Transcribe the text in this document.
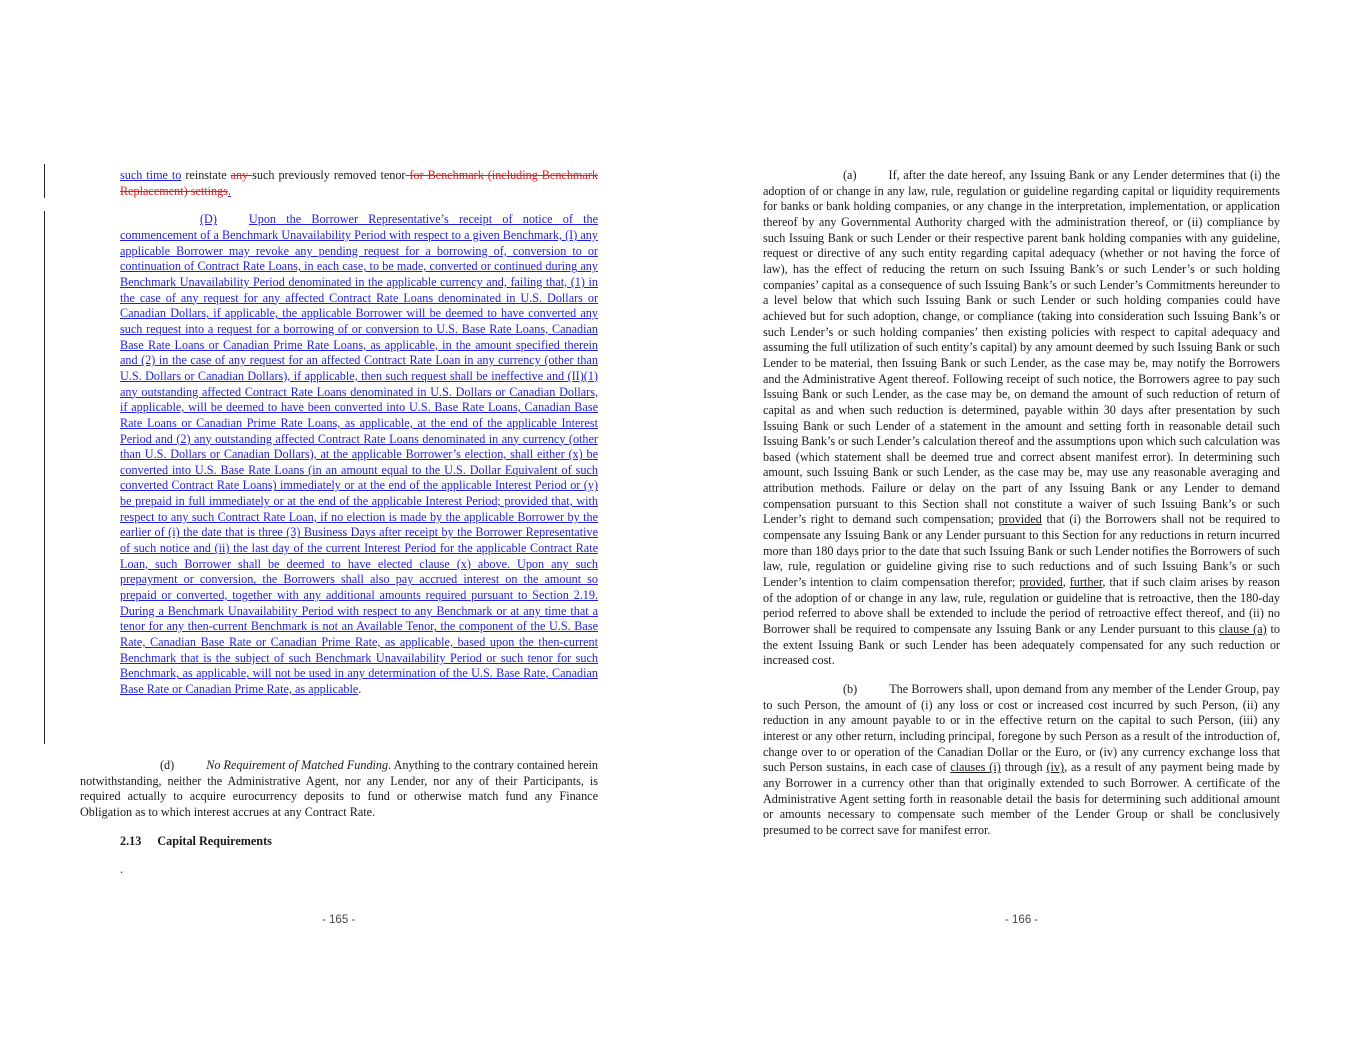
such time to reinstate any such previously removed tenor for Benchmark (including Benchmark Replacement) settings.

(D)	Upon the Borrower Representative’s receipt of notice of the commencement of a Benchmark Unavailability Period with respect to a given Benchmark, (I) any applicable Borrower may revoke any pending request for a borrowing of, conversion to or continuation of Contract Rate Loans, in each case, to be made, converted or continued during any Benchmark Unavailability Period denominated in the applicable currency and, failing that, (1) in the case of any request for any affected Contract Rate Loans denominated in U.S. Dollars or Canadian Dollars, if applicable, the applicable Borrower will be deemed to have converted any such request into a request for a borrowing of or conversion to U.S. Base Rate Loans, Canadian Base Rate Loans or Canadian Prime Rate Loans, as applicable, in the amount specified therein and (2) in the case of any request for an affected Contract Rate Loan in any currency (other than U.S. Dollars or Canadian Dollars), if applicable, then such request shall be ineffective and (II)(1) any outstanding affected Contract Rate Loans denominated in U.S. Dollars or Canadian Dollars, if applicable, will be deemed to have been converted into U.S. Base Rate Loans, Canadian Base Rate Loans or Canadian Prime Rate Loans, as applicable, at the end of the applicable Interest Period and (2) any outstanding affected Contract Rate Loans denominated in any currency (other than U.S. Dollars or Canadian Dollars), at the applicable Borrower’s election, shall either (x) be converted into U.S. Base Rate Loans (in an amount equal to the U.S. Dollar Equivalent of such converted Contract Rate Loans) immediately or at the end of the applicable Interest Period or (y) be prepaid in full immediately or at the end of the applicable Interest Period; provided that, with respect to any such Contract Rate Loan, if no election is made by the applicable Borrower by the earlier of (i) the date that is three (3) Business Days after receipt by the Borrower Representative of such notice and (ii) the last day of the current Interest Period for the applicable Contract Rate Loan, such Borrower shall be deemed to have elected clause (x) above. Upon any such prepayment or conversion, the Borrowers shall also pay accrued interest on the amount so prepaid or converted, together with any additional amounts required pursuant to Section 2.19. During a Benchmark Unavailability Period with respect to any Benchmark or at any time that a tenor for any then-current Benchmark is not an Available Tenor, the component of the U.S. Base Rate, Canadian Base Rate or Canadian Prime Rate, as applicable, based upon the then-current Benchmark that is the subject of such Benchmark Unavailability Period or such tenor for such Benchmark, as applicable, will not be used in any determination of the U.S. Base Rate, Canadian Base Rate or Canadian Prime Rate, as applicable.

(d)	No Requirement of Matched Funding. Anything to the contrary contained herein notwithstanding, neither the Administrative Agent, nor any Lender, nor any of their Participants, is required actually to acquire eurocurrency deposits to fund or otherwise match fund any Finance Obligation as to which interest accrues at any Contract Rate.

2.13 Capital Requirements
.
- 165 -

(a)	If, after the date hereof, any Issuing Bank or any Lender determines that (i) the adoption of or change in any law, rule, regulation or guideline regarding capital or liquidity requirements for banks or bank holding companies, or any change in the interpretation, implementation, or application thereof by any Governmental Authority charged with the administration thereof, or (ii) compliance by such Issuing Bank or such Lender or their respective parent bank holding companies with any guideline, request or directive of any such entity regarding capital adequacy (whether or not having the force of law), has the effect of reducing the return on such Issuing Bank’s or such Lender’s or such holding companies’ capital as a consequence of such Issuing Bank’s or such Lender’s Commitments hereunder to a level below that which such Issuing Bank or such Lender or such holding companies could have achieved but for such adoption, change, or compliance (taking into consideration such Issuing Bank’s or such Lender’s or such holding companies’ then existing policies with respect to capital adequacy and assuming the full utilization of such entity’s capital) by any amount deemed by such Issuing Bank or such Lender to be material, then Issuing Bank or such Lender, as the case may be, may notify the Borrowers and the Administrative Agent thereof. Following receipt of such notice, the Borrowers agree to pay such Issuing Bank or such Lender, as the case may be, on demand the amount of such reduction of return of capital as and when such reduction is determined, payable within 30 days after presentation by such Issuing Bank or such Lender of a statement in the amount and setting forth in reasonable detail such Issuing Bank’s or such Lender’s calculation thereof and the assumptions upon which such calculation was based (which statement shall be deemed true and correct absent manifest error). In determining such amount, such Issuing Bank or such Lender, as the case may be, may use any reasonable averaging and attribution methods. Failure or delay on the part of any Issuing Bank or any Lender to demand compensation pursuant to this Section shall not constitute a waiver of such Issuing Bank’s or such Lender’s right to demand such compensation; provided that (i) the Borrowers shall not be required to compensate any Issuing Bank or any Lender pursuant to this Section for any reductions in return incurred more than 180 days prior to the date that such Issuing Bank or such Lender notifies the Borrowers of such law, rule, regulation or guideline giving rise to such reductions and of such Issuing Bank’s or such Lender’s intention to claim compensation therefor; provided, further, that if such claim arises by reason of the adoption of or change in any law, rule, regulation or guideline that is retroactive, then the 180-day period referred to above shall be extended to include the period of retroactive effect thereof, and (ii) no Borrower shall be required to compensate any Issuing Bank or any Lender pursuant to this clause (a) to the extent Issuing Bank or such Lender has been adequately compensated for any such reduction or increased cost.

(b)	The Borrowers shall, upon demand from any member of the Lender Group, pay to such Person, the amount of (i) any loss or cost or increased cost incurred by such Person, (ii) any reduction in any amount payable to or in the effective return on the capital to such Person, (iii) any interest or any other return, including principal, foregone by such Person as a result of the introduction of, change over to or operation of the Canadian Dollar or the Euro, or (iv) any currency exchange loss that such Person sustains, in each case of clauses (i) through (iv), as a result of any payment being made by any Borrower in a currency other than that originally extended to such Borrower. A certificate of the Administrative Agent setting forth in reasonable detail the basis for determining such additional amount or amounts necessary to compensate such member of the Lender Group or shall be conclusively presumed to be correct save for manifest error.

- 166 -
